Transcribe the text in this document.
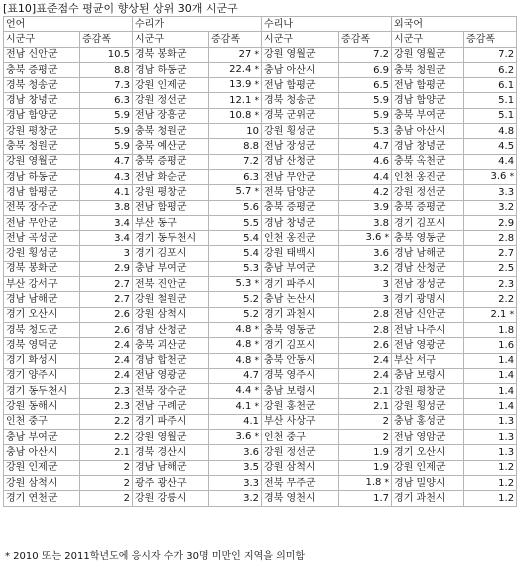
[표10]표준점수 평균이 향상된 상위 30개 시군구
언어		수리가		수리나		외국어	
시군구	증감폭	시군구	증감폭	시군구	증감폭	시군구	증감폭
전남 신안군	10.5	경북 봉화군	27 *	강원 영월군	7.2	강원 영월군	7.2
충북 증평군	8.8	경남 하동군	22.4 *	충남 아산시	6.9	충북 청원군	6.2
경북 청송군	7.3	강원 인제군	13.9 *	전남 함평군	6.5	전남 함평군	6.1
경남 창녕군	6.3	강원 정선군	12.1 *	경북 청송군	5.9	경남 함양군	5.1
경남 함양군	5.9	전남 장흥군	10.8 *	경북 군위군	5.9	충북 부여군	5.1
강원 평창군	5.9	충북 청원군	10	강원 횡성군	5.3	충남 아산시	4.8
충북 청원군	5.9	충북 예산군	8.8	전남 장성군	4.7	경남 창녕군	4.5
강원 영월군	4.7	충북 증평군	7.2	경남 산청군	4.6	충북 옥천군	4.4
경남 하동군	4.3	전남 화순군	6.3	전남 무안군	4.4	인천 옹진군	3.6 *
경남 함평군	4.1	강원 평창군	5.7 *	전북 담양군	4.2	강원 정선군	3.3
전북 장수군	3.8	전남 함평군	5.6	충북 증평군	3.9	충북 증평군	3.2
전남 무안군	3.4	부산 동구	5.5	경남 창녕군	3.8	경기 김포시	2.9
전남 곡성군	3.4	경기 동두천시	5.4	인천 옹진군	3.6 *	충북 영동군	2.8
강원 횡성군	3	경기 김포시	5.4	강원 태백시	3.6	경남 남해군	2.7
경북 봉화군	2.9	충남 부여군	5.3	충남 부여군	3.2	경남 산청군	2.5
부산 강서구	2.7	전북 진안군	5.3 *	경기 파주시	3	전남 장성군	2.3
경남 남해군	2.7	강원 철원군	5.2	충남 논산시	3	경기 광명시	2.2
경기 오산시	2.6	강원 삼척시	5.2	경기 과천시	2.8	전남 신안군	2.1 *
경북 청도군	2.6	경남 산청군	4.8 *	충북 영동군	2.8	전남 나주시	1.8
경북 영덕군	2.4	충북 괴산군	4.8 *	경기 김포시	2.6	전남 영광군	1.6
경기 화성시	2.4	경남 합천군	4.8 *	충북 안동시	2.4	부산 서구	1.4
경기 양주시	2.4	전남 영광군	4.7	경북 영주시	2.4	충남 보령시	1.4
경기 동두천시	2.3	전북 장수군	4.4 *	충남 보령시	2.1	강원 평창군	1.4
강원 동해시	2.3	전남 구례군	4.1 *	강원 홍천군	2.1	강원 횡성군	1.4
인천 중구	2.2	경기 파주시	4.1	부산 사상구	2	충남 홍성군	1.3
충남 부여군	2.2	강원 영월군	3.6 *	인천 중구	2	전남 영암군	1.3
충남 아산시	2.1	경북 경산시	3.6	강원 정선군	1.9	경기 오산시	1.3
강원 인제군	2	경남 남해군	3.5	강원 삼척시	1.9	강원 인제군	1.2
강원 삼척시	2	광주 광산구	3.3	전북 무주군	1.8 *	경남 밀양시	1.2
경기 연천군	2	강원 강릉시	3.2	경북 영천시	1.7	경기 과천시	1.2
* 2010 또는 2011학년도에 응시자 수가 30명 미만인 지역을 의미함
